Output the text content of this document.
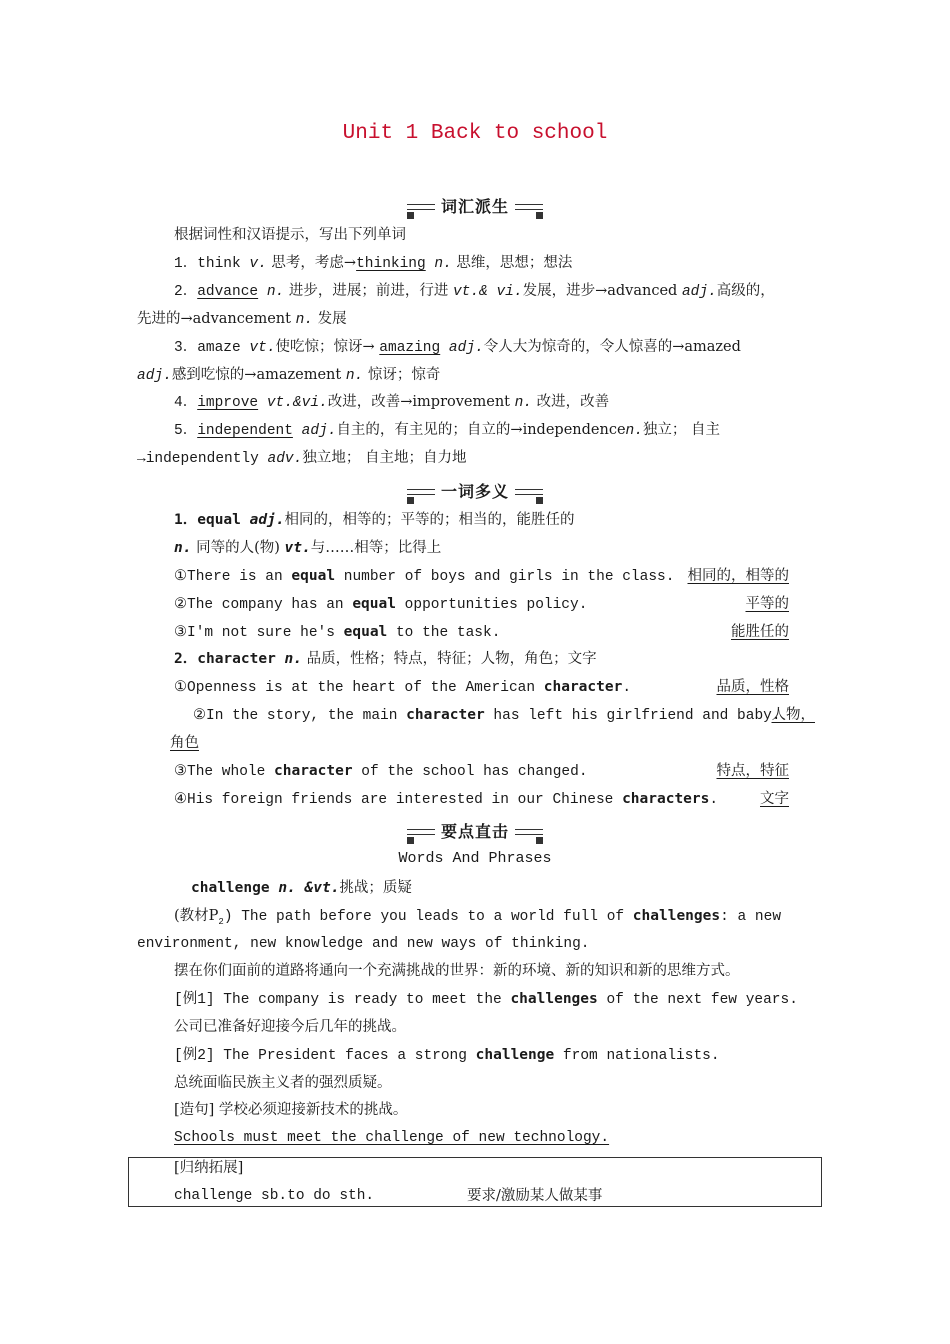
Unit 1 Back to school
词汇派生
根据词性和汉语提示，写出下列单词
1．think v. 思考，考虑→thinking n. 思维，思想；想法
2．advance n. 进步，进展；前进，行进 vt.& vi.发展，进步→advanced adj.高级的，
先进的→advancement n. 发展
3．amaze vt.使吃惊；惊讶→ amazing adj.令人大为惊奇的，令人惊喜的→amazed
adj.感到吃惊的→amazement n. 惊讶；惊奇
4．improve vt.&vi.改进，改善→improvement n. 改进，改善
5．independent adj.自主的，有主见的；自立的→independencen.独立； 自主
→independently adv.独立地； 自主地；自力地
一词多义
1．equal adj.相同的，相等的；平等的；相当的，能胜任的
n. 同等的人(物) vt.与……相等；比得上
①There is an equal number of boys and girls in the class. 相同的，相等的
②The company has an equal opportunities policy.	平等的
③I'm not sure he's equal to the task.	能胜任的
2．character n. 品质，性格；特点，特征；人物，角色；文字
①Openness is at the heart of the American character.	品质，性格
②In the story, the main character has left his girlfriend and baby.
人物，
角色
③The whole character of the school has changed.	特点，特征
④His foreign friends are interested in our Chinese characters.	文字
要点直击
Words And Phrases
challenge n. &vt.挑战；质疑
(教材$P_2$) The path before you leads to a world full of challenges: a new
environment, new knowledge and new ways of thinking.
摆在你们面前的道路将通向一个充满挑战的世界：新的环境、新的知识和新的思维方式。
[例1] The company is ready to meet the challenges of the next few years.
公司已准备好迎接今后几年的挑战。
[例2] The President faces a strong challenge from nationalists.
总统面临民族主义者的强烈质疑。
[造句] 学校必须迎接新技术的挑战。
Schools must meet the challenge of new technology.
[归纳拓展]
challenge sb.to do sth.	要求/激励某人做某事
